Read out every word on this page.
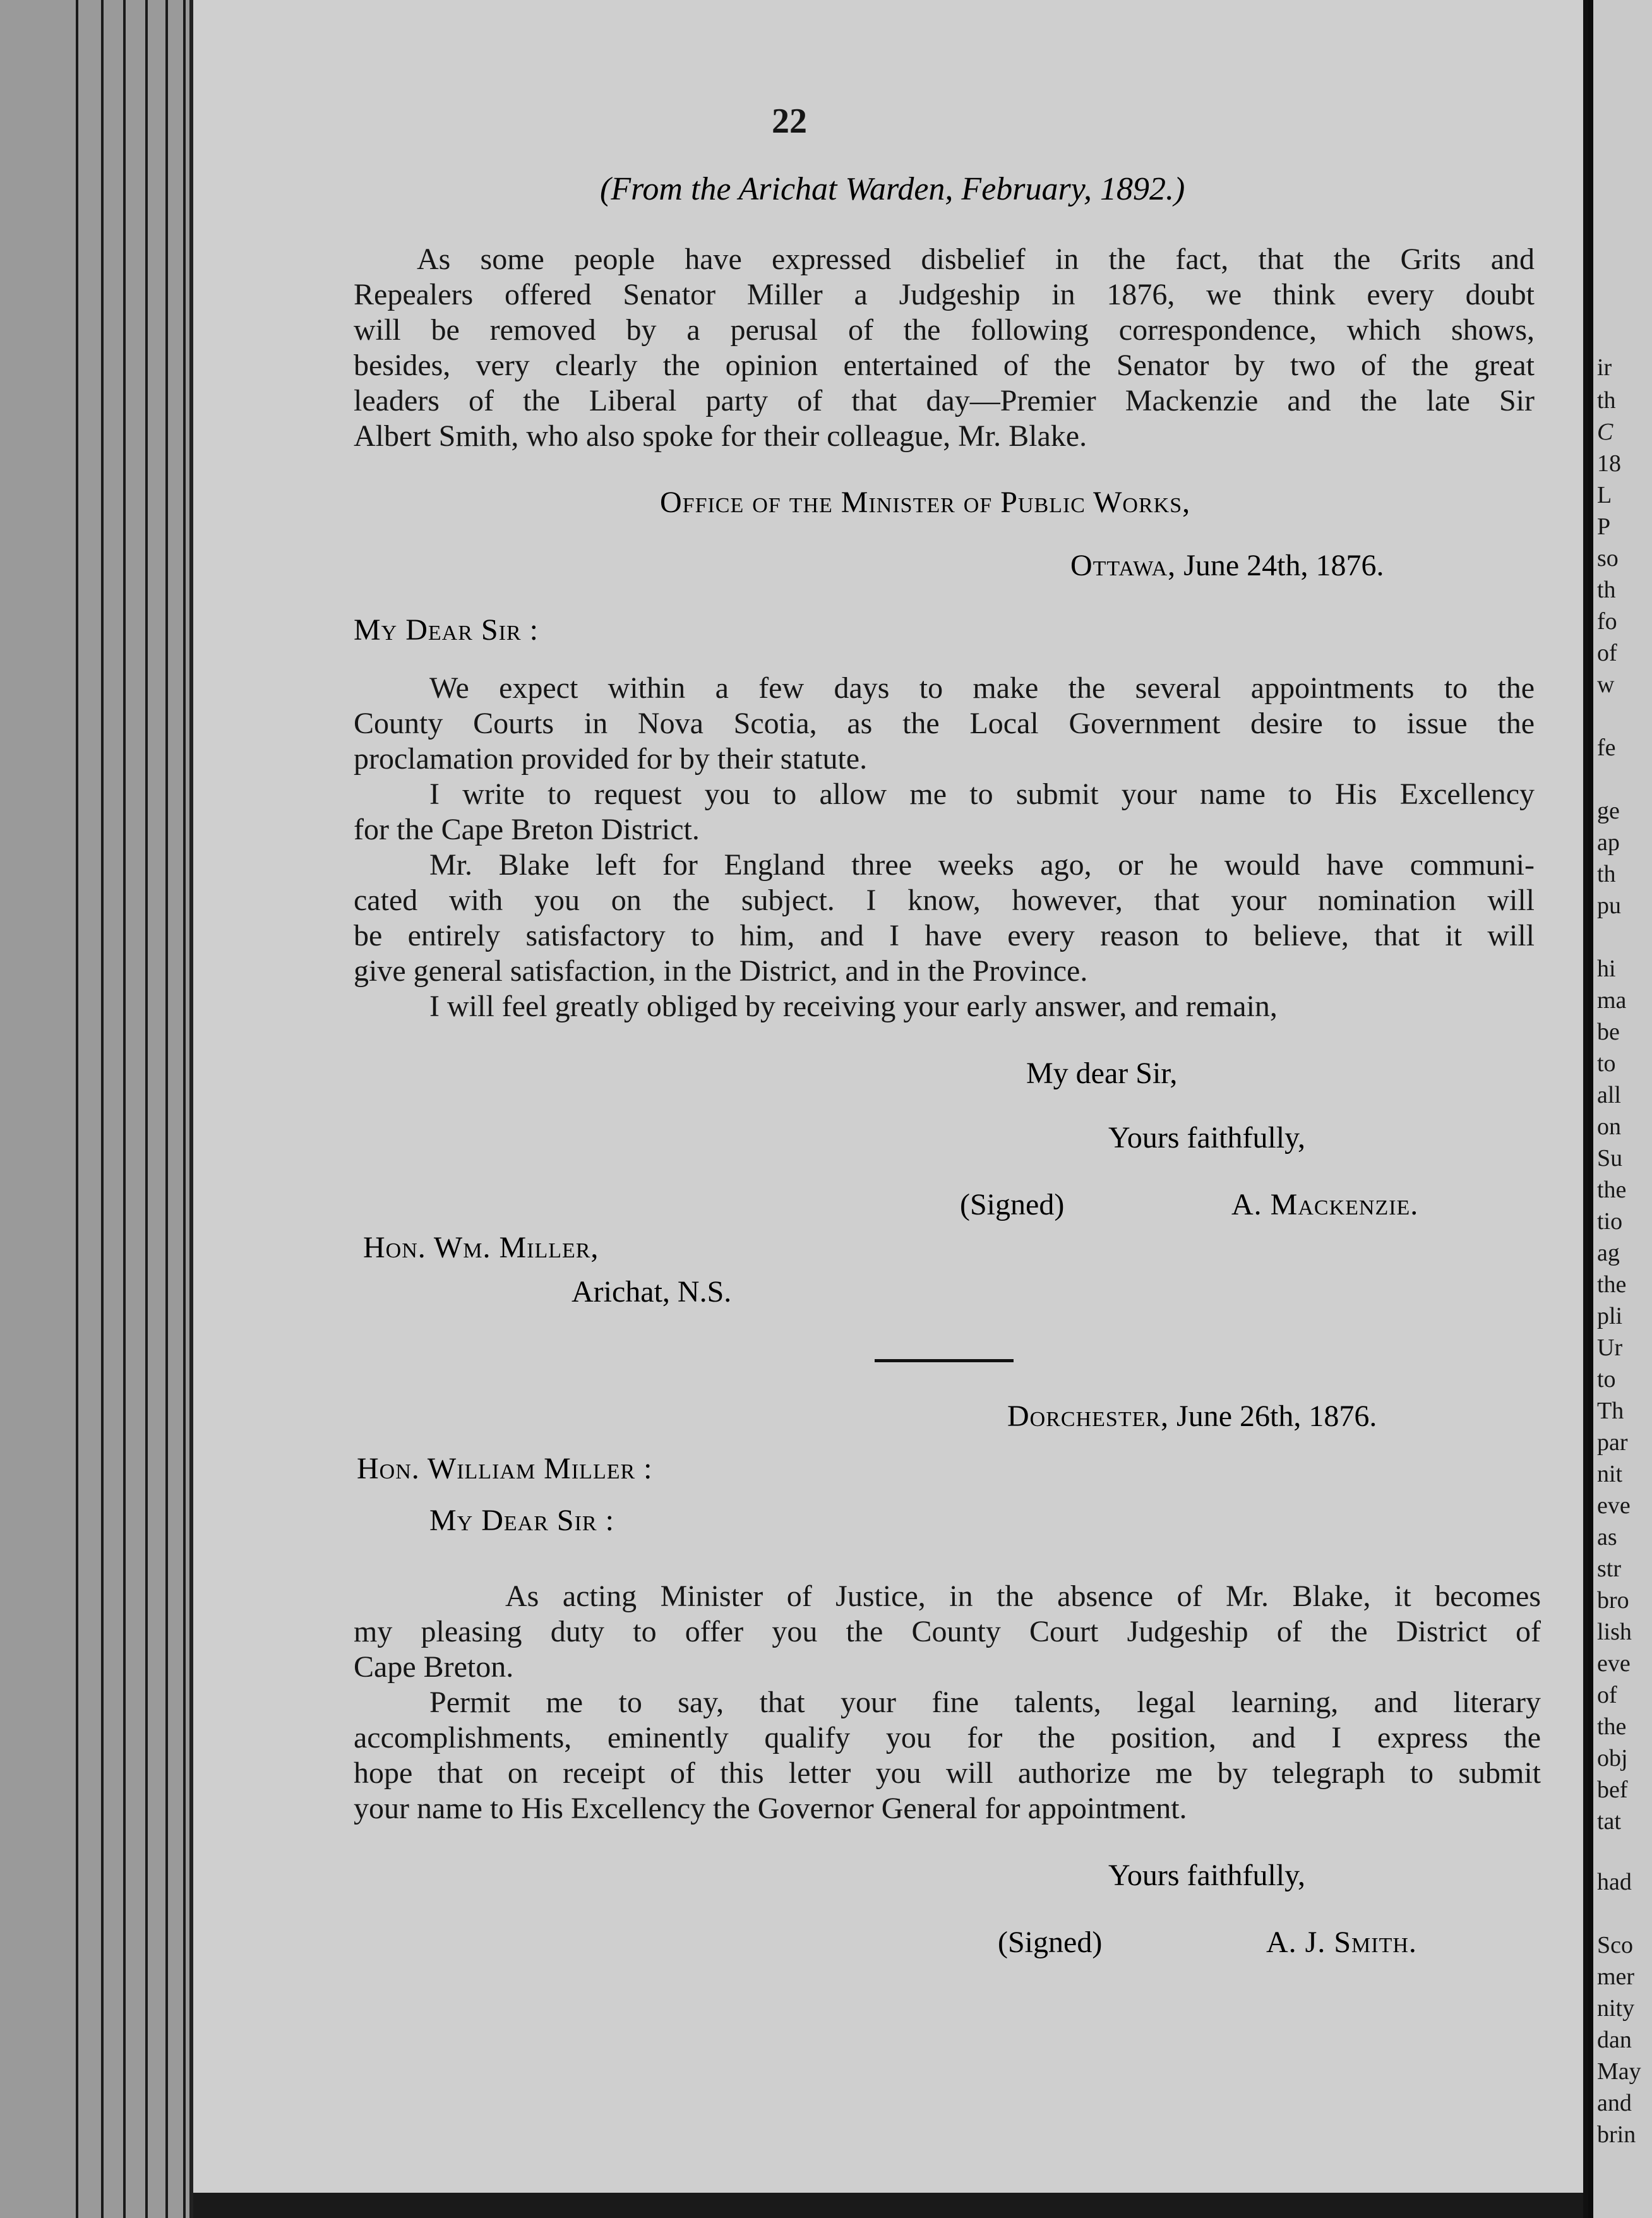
22
(From the Arichat Warden, February, 1892.)
As some people have expressed disbelief in the fact, that the Grits and
Repealers offered Senator Miller a Judgeship in 1876, we think every doubt
will be removed by a perusal of the following correspondence, which shows,
besides, very clearly the opinion entertained of the Senator by two of the great
leaders of the Liberal party of that day—Premier Mackenzie and the late Sir
Albert Smith, who also spoke for their colleague, Mr. Blake.
Office of the Minister of Public Works,
Ottawa, June 24th, 1876.
My Dear Sir :
We expect within a few days to make the several appointments to the
County Courts in Nova Scotia, as the Local Government desire to issue the
proclamation provided for by their statute.
I write to request you to allow me to submit your name to His Excellency
for the Cape Breton District.
Mr. Blake left for England three weeks ago, or he would have communi-
cated with you on the subject. I know, however, that your nomination will
be entirely satisfactory to him, and I have every reason to believe, that it will
give general satisfaction, in the District, and in the Province.
I will feel greatly obliged by receiving your early answer, and remain,
My dear Sir,
Yours faithfully,
(Signed)	A. Mackenzie.
Hon. Wm. Miller,
Arichat, N.S.
Dorchester, June 26th, 1876.
Hon. William Miller :
My Dear Sir :
As acting Minister of Justice, in the absence of Mr. Blake, it becomes
my pleasing duty to offer you the County Court Judgeship of the District of
Cape Breton.
Permit me to say, that your fine talents, legal learning, and literary
accomplishments, eminently qualify you for the position, and I express the
hope that on receipt of this letter you will authorize me by telegraph to submit
your name to His Excellency the Governor General for appointment.
Yours faithfully,
(Signed)	A. J. Smith.
ir
th
C
18
L
P
so
th
fo
of
w
fe
ge
ap
th
pu
hi
ma
be
to
all
on
Su
the
tio
ag
the
pli
Ur
to
Th
par
nit
eve
as
str
bro
lish
eve
of
the
obj
bef
tat
had
Sco
mer
nity
dan
May
and
brin
